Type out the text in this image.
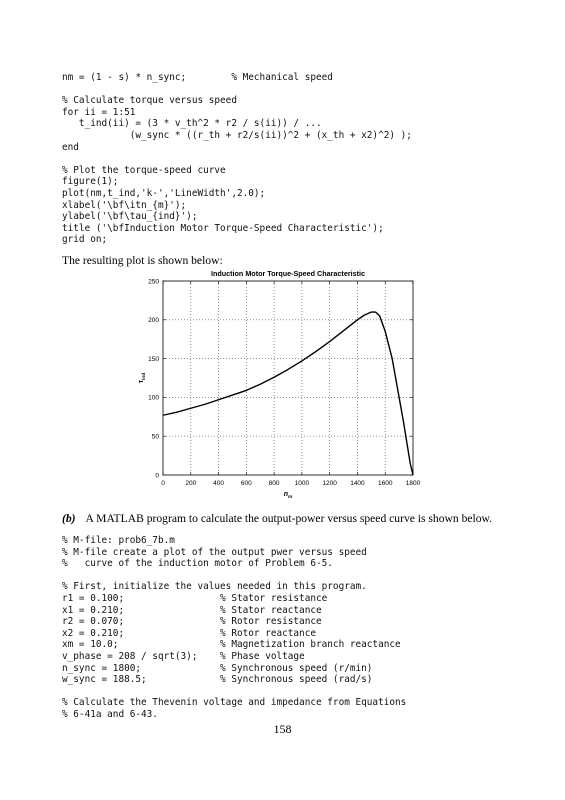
nm = (1 - s) * n_sync;        % Mechanical speed

% Calculate torque versus speed
for ii = 1:51
t_ind(ii) = (3 * v_th^2 * r2 / s(ii)) / ...
(w_sync * ((r_th + r2/s(ii))^2 + (x_th + x2)^2) );
end

% Plot the torque-speed curve
figure(1);
plot(nm,t_ind,'k-','LineWidth',2.0);
xlabel('\bf\itn_{m}');
ylabel('\bf\tau_{ind}');
title ('\bfInduction Motor Torque-Speed Characteristic');
grid on;
The resulting plot is shown below:
0	200	400	600	800 1000 1200 1400 1600 1800
0
50
100
150
200
250
Induction Motor Torque-Speed Characteristic
$n_m$
$\tau_{ind}$
(b) A MATLAB program to calculate the output-power versus speed curve is shown below.
% M-file: prob6_7b.m
% M-file create a plot of the output pwer versus speed
%   curve of the induction motor of Problem 6-5.

% First, initialize the values needed in this program.
r1 = 0.100;                 % Stator resistance
x1 = 0.210;                 % Stator reactance
r2 = 0.070;                 % Rotor resistance
x2 = 0.210;                 % Rotor reactance
xm = 10.0;                  % Magnetization branch reactance
v_phase = 208 / sqrt(3);    % Phase voltage
n_sync = 1800;              % Synchronous speed (r/min)
w_sync = 188.5;             % Synchronous speed (rad/s)

% Calculate the Thevenin voltage and impedance from Equations
% 6-41a and 6-43.
158
